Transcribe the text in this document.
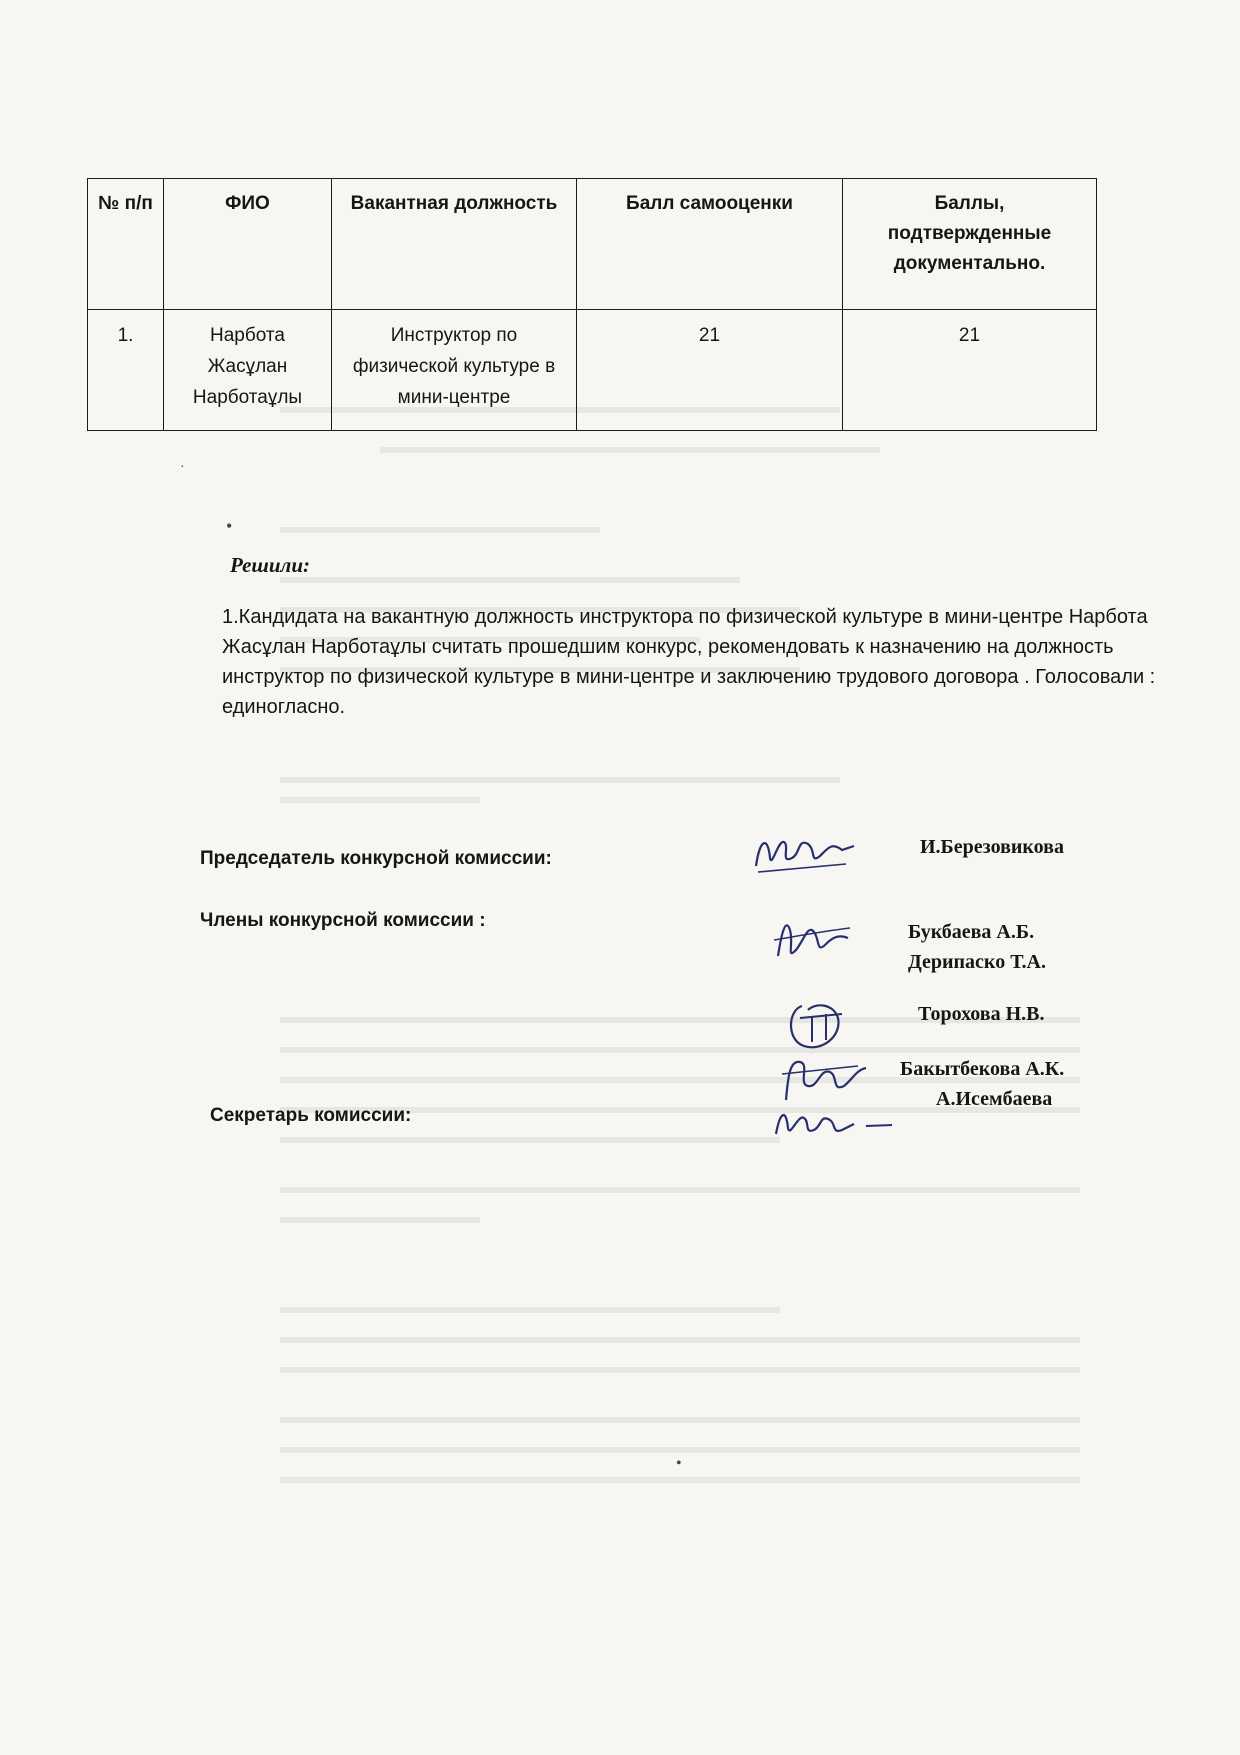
№ п/п	ФИО	Вакантная должность	Балл самооценки	Баллы, подтвержденные документально.
1.	Нарбота Жасұлан Нарботаұлы	Инструктор по физической культуре в мини-центре	21	21
·
•
Решили:
1.Кандидата на вакантную должность инструктора по физической культуре в мини-центре Нарбота Жасұлан Нарботаұлы считать прошедшим конкурс, рекомендовать к назначению на должность инструктор по физической культуре в мини-центре и заключению трудового договора . Голосовали : единогласно.
Председатель конкурсной комиссии:
И.Березовикова
Члены конкурсной комиссии :
Букбаева А.Б.
Дерипаско Т.А.
Торохова Н.В.
Бакытбекова А.К.
Секретарь комиссии:
А.Исембаева
•
